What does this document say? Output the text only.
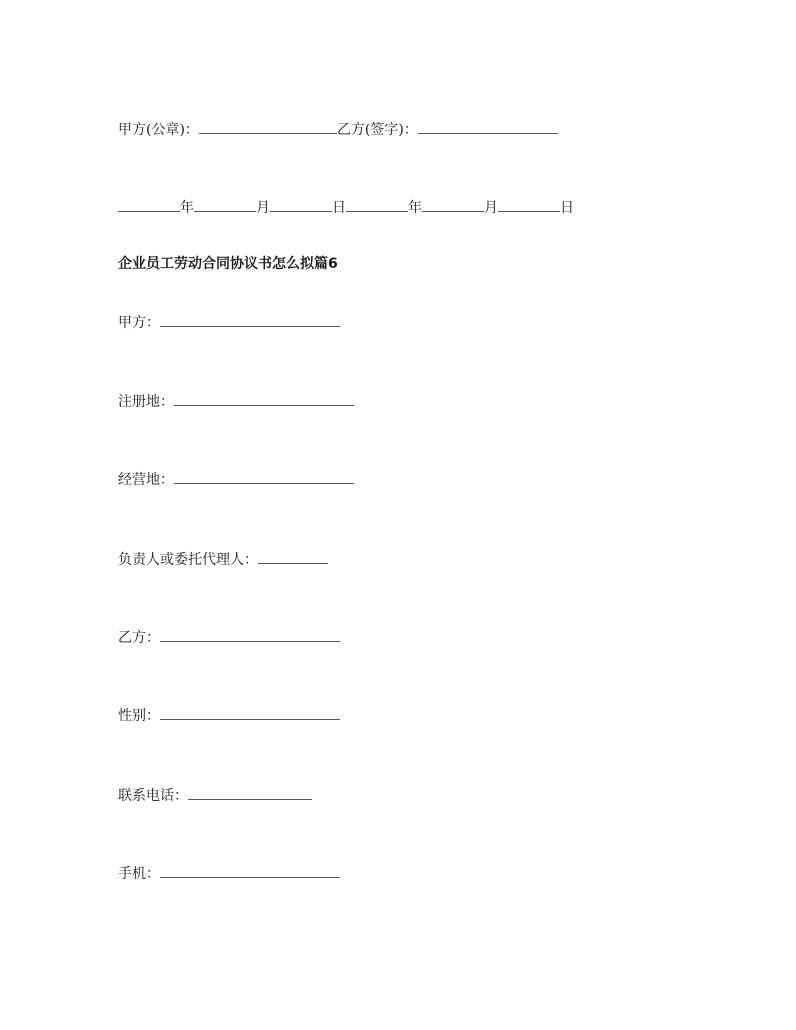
甲方(公章)：	乙方(签字)：
年	月	日	年	月	日
企业员工劳动合同协议书怎么拟篇6
甲方：
注册地：
经营地：
负责人或委托代理人：
乙方：
性别：
联系电话：
手机：
